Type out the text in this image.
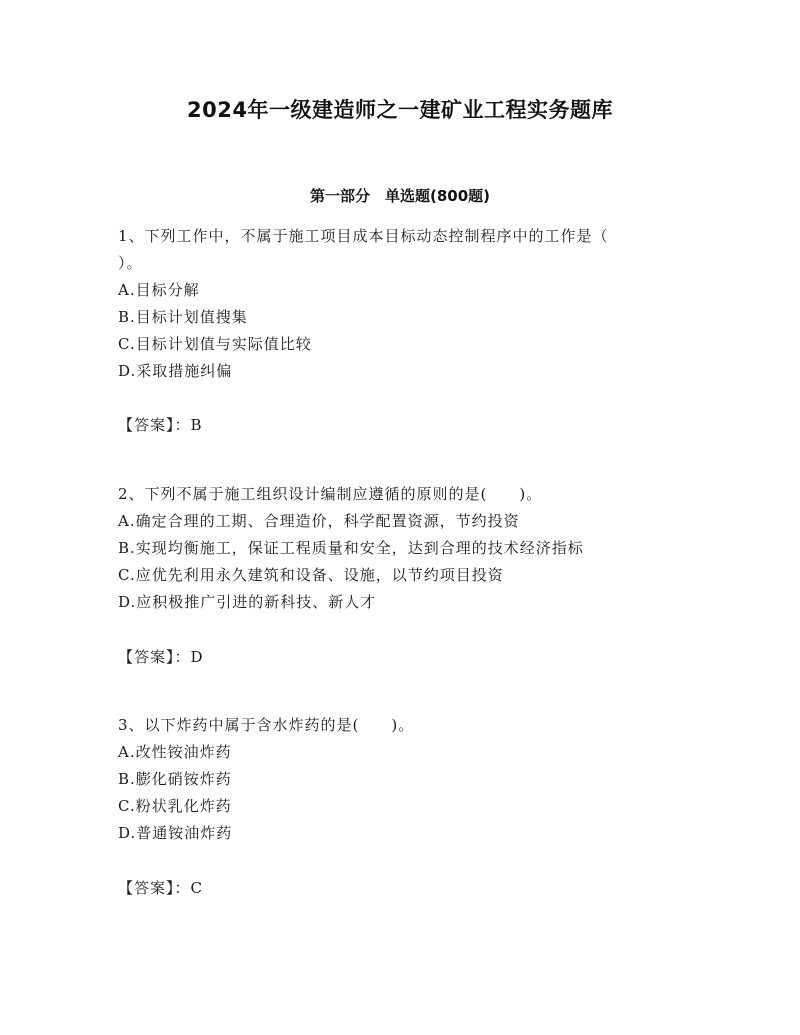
2024年一级建造师之一建矿业工程实务题库
第一部分　单选题(800题)

1、下列工作中，不属于施工项目成本目标动态控制程序中的工作是（

）。

A.目标分解

B.目标计划值搜集

C.目标计划值与实际值比较

D.采取措施纠偏

【答案】：B

2、下列不属于施工组织设计编制应遵循的原则的是(　　)。

A.确定合理的工期、合理造价，科学配置资源，节约投资

B.实现均衡施工，保证工程质量和安全，达到合理的技术经济指标

C.应优先利用永久建筑和设备、设施，以节约项目投资

D.应积极推广引进的新科技、新人才

【答案】：D

3、以下炸药中属于含水炸药的是(　　)。

A.改性铵油炸药

B.膨化硝铵炸药

C.粉状乳化炸药

D.普通铵油炸药

【答案】：C
